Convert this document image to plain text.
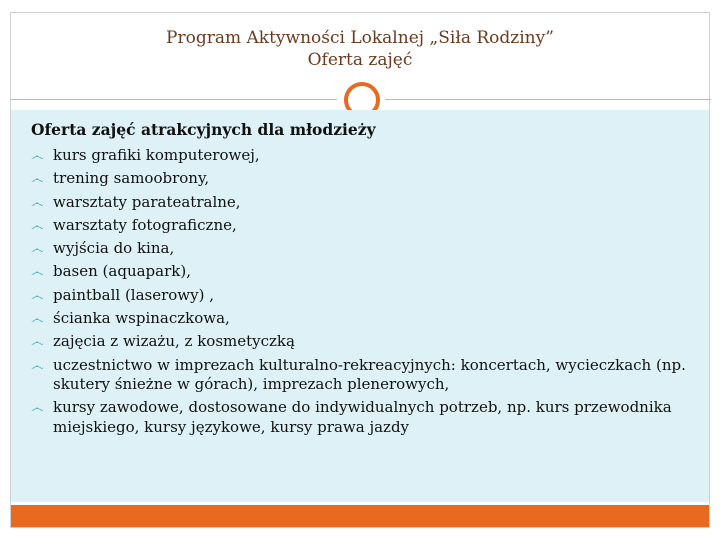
Program Aktywności Lokalnej „Siła Rodziny”
Oferta zajęć
Oferta zajęć atrakcyjnych dla młodzieży
෴ kurs grafiki komputerowej,
෴ trening samoobrony,
෴ warsztaty parateatralne,
෴ warsztaty fotograficzne,
෴ wyjścia do kina,
෴ basen (aquapark),
෴ paintball (laserowy) ,
෴ ścianka wspinaczkowa,
෴ zajęcia z wizażu, z kosmetyczką
෴ uczestnictwo w imprezach kulturalno-rekreacyjnych: koncertach, wycieczkach (np. skutery śnieżne w górach), imprezach plenerowych,
෴ kursy zawodowe, dostosowane do indywidualnych potrzeb, np. kurs przewodnika miejskiego, kursy językowe, kursy prawa jazdy
